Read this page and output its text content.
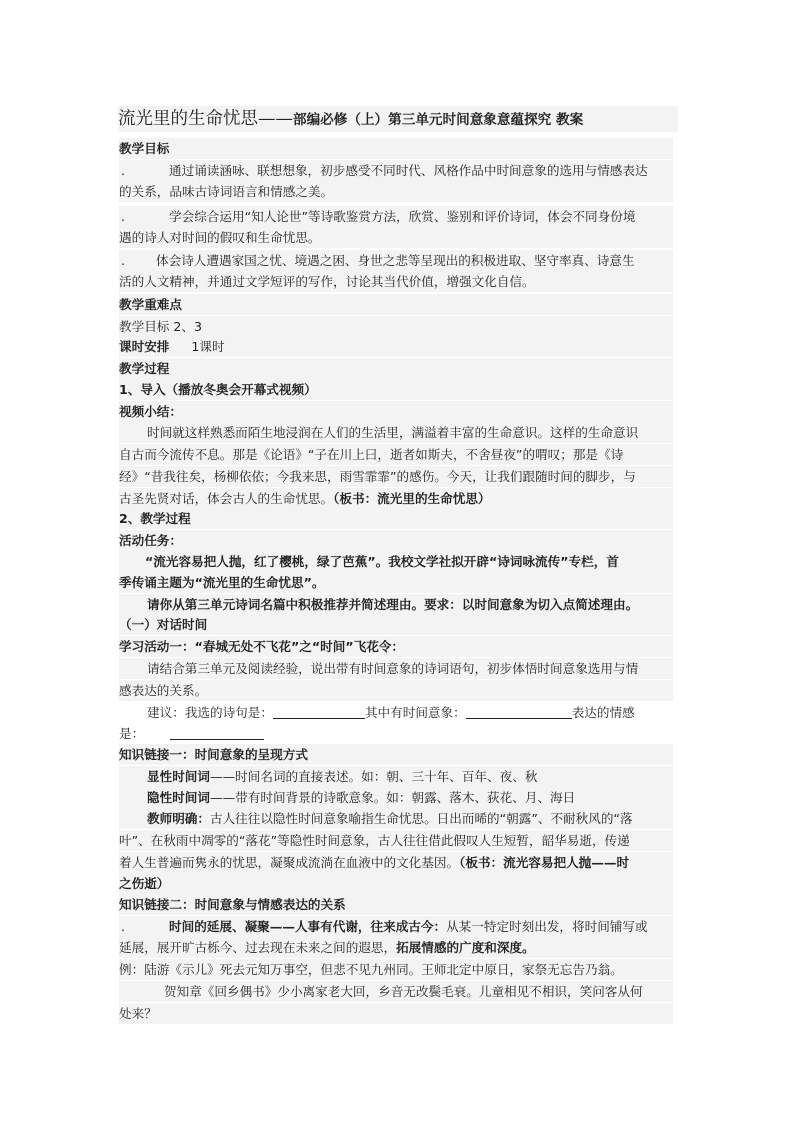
流光里的生命忧思——部编必修（上）第三单元时间意象意蕴探究 教案
教学目标
.	通过诵读涵咏、联想想象，初步感受不同时代、风格作品中时间意象的选用与情感表达
的关系，品味古诗词语言和情感之美。
.	学会综合运用“知人论世”等诗歌鉴赏方法，欣赏、鉴别和评价诗词，体会不同身份境
遇的诗人对时间的假叹和生命忧思。
. 体会诗人遭遇家国之忧、境遇之困、身世之悲等呈现出的积极进取、坚守率真、诗意生
活的人文精神，并通过文学短评的写作，讨论其当代价值，增强文化自信。
教学重难点
教学目标 2、3
课时安排 1课时
教学过程
1、导入（播放冬奥会开幕式视频）
视频小结：
时间就这样熟悉而陌生地浸润在人们的生活里，满溢着丰富的生命意识。这样的生命意识
自古而今流传不息。那是《论语》“子在川上曰，逝者如斯夫，不舍昼夜”的喟叹；那是《诗
经》“昔我往矣，杨柳依依；今我来思，雨雪霏霏”的感伤。今天，让我们跟随时间的脚步，与
古圣先贤对话，体会古人的生命忧思。（板书：流光里的生命忧思）
2、教学过程
活动任务：
“流光容易把人抛，红了樱桃，绿了芭蕉”。我校文学社拟开辟“诗词咏流传”专栏，首
季传诵主题为“流光里的生命忧思”。
请你从第三单元诗词名篇中积极推荐并简述理由。要求：以时间意象为切入点简述理由。
（一）对话时间
学习活动一：“春城无处不飞花”之“时间”飞花令：
请结合第三单元及阅读经验，说出带有时间意象的诗词语句，初步体悟时间意象选用与情
感表达的关系。
建议：我选的诗句是：	其中有时间意象：	表达的情感
是：
知识链接一：时间意象的呈现方式
显性时间词——时间名词的直接表述。如：朝、三十年、百年、夜、秋
隐性时间词——带有时间背景的诗歌意象。如：朝露、落木、荻花、月、海日
教师明确：古人往往以隐性时间意象喻指生命忧思。日出而晞的“朝露”、不耐秋风的“落
叶”、在秋雨中凋零的“落花”等隐性时间意象，古人往往借此假叹人生短暂，韶华易逝，传递
着人生普遍而隽永的忧思，凝聚成流淌在血液中的文化基因。（板书：流光容易把人抛——时
之伤逝）
知识链接二：时间意象与情感表达的关系
.	时间的延展、凝聚——人事有代谢，往来成古今：从某一特定时刻出发，将时间铺写或
延展，展开旷古栎今、过去现在未来之间的遐思，拓展情感的广度和深度。
例：陆游《示儿》死去元知万事空，但悲不见九州同。王师北定中原日，家祭无忘告乃翁。
贺知章《回乡偶书》少小离家老大回，乡音无改鬓毛衰。儿童相见不相识，笑问客从何
处来？
